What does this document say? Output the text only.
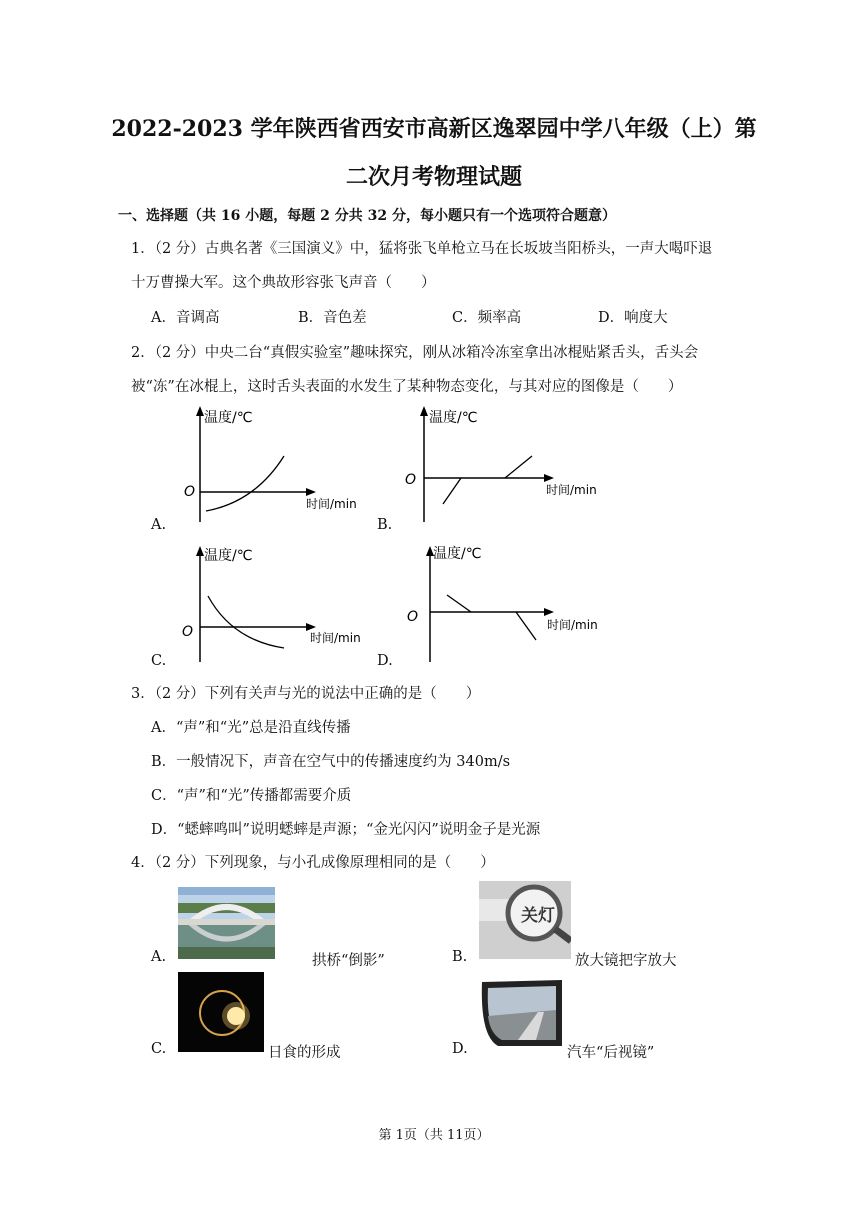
2022-2023 学年陕西省西安市高新区逸翠园中学八年级（上）第
二次月考物理试题
一、选择题（共 16 小题，每题 2 分共 32 分，每小题只有一个选项符合题意）
1．（2 分）古典名著《三国演义》中，猛将张飞单枪立马在长坂坡当阳桥头，一声大喝吓退
十万曹操大军。这个典故形容张飞声音（　　）
A．音调高	B．音色差	C．频率高	D．响度大
2．（2 分）中央二台“真假实验室”趣味探究，刚从冰箱冷冻室拿出冰棍贴紧舌头，舌头会
被“冻”在冰棍上，这时舌头表面的水发生了某种物态变化，与其对应的图像是（　　）
A.	B.
C.	D.
温度/℃
O
时间/min
温度/℃
O
时间/min
温度/℃
O	时间/min
温度/℃
O	时间/min
3．（2 分）下列有关声与光的说法中正确的是（　　）
A．“声”和“光”总是沿直线传播
B．一般情况下，声音在空气中的传播速度约为 340m/s
C．“声”和“光”传播都需要介质
D．“蟋蟀鸣叫”说明蟋蟀是声源；“金光闪闪”说明金子是光源
4．（2 分）下列现象，与小孔成像原理相同的是（　　）
A.	拱桥“倒影”
关灯
B.	放大镜把字放大
C.	日食的形成	D.	汽车“后视镜”
第 1页（共 11页）
